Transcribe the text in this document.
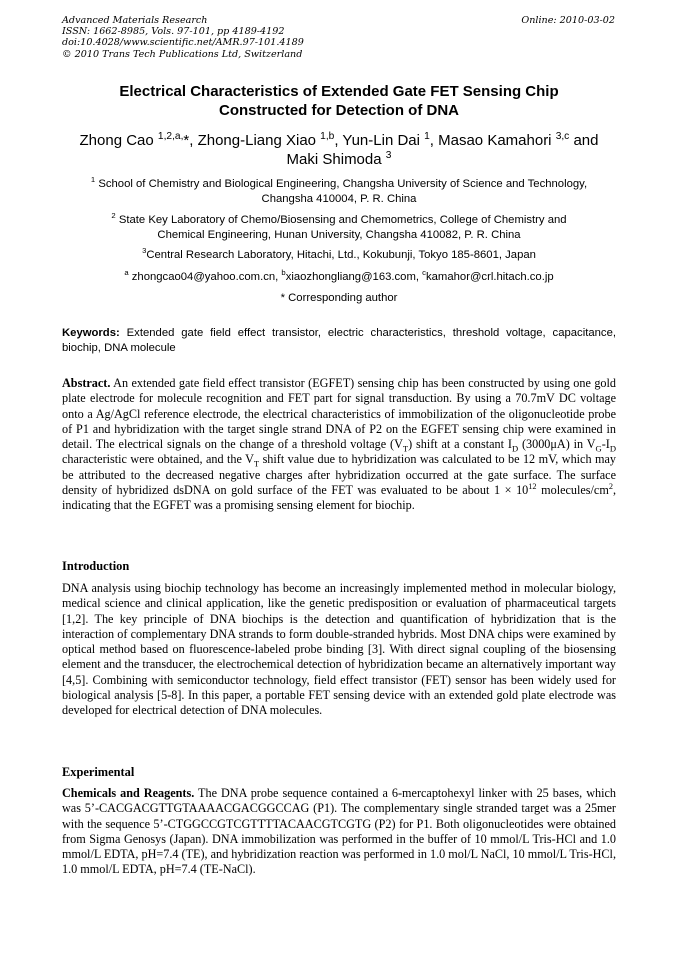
Advanced Materials Research
ISSN: 1662-8985, Vols. 97-101, pp 4189-4192
doi:10.4028/www.scientific.net/AMR.97-101.4189
© 2010 Trans Tech Publications Ltd, Switzerland
Online: 2010-03-02
Electrical Characteristics of Extended Gate FET Sensing Chip
Constructed for Detection of DNA
Zhong Cao $^{1,2,a,}$*, Zhong-Liang Xiao $^{1,b}$, Yun-Lin Dai $^1$, Masao Kamahori $^{3,c}$ and
Maki Shimoda $^3$
$^1$ School of Chemistry and Biological Engineering, Changsha University of Science and Technology,
Changsha 410004, P. R. China
$^2$ State Key Laboratory of Chemo/Biosensing and Chemometrics, College of Chemistry and
Chemical Engineering, Hunan University, Changsha 410082, P. R. China
$^3$Central Research Laboratory, Hitachi, Ltd., Kokubunji, Tokyo 185-8601, Japan
$^a$ zhongcao04@yahoo.com.cn, $^b$xiaozhongliang@163.com, $^c$kamahor@crl.hitach.co.jp
* Corresponding author
Keywords: Extended gate field effect transistor, electric characteristics, threshold voltage, capacitance, biochip, DNA molecule
Abstract. An extended gate field effect transistor (EGFET) sensing chip has been constructed by using one gold plate electrode for molecule recognition and FET part for signal transduction. By using a 70.7mV DC voltage onto a Ag/AgCl reference electrode, the electrical characteristics of immobilization of the oligonucleotide probe of P1 and hybridization with the target single strand DNA of P2 on the EGFET sensing chip were examined in detail. The electrical signals on the change of a threshold voltage $(V_T)$ shift at a constant $I_D$ (3000μA) in $V_G-I_D$ characteristic were obtained, and the $V_T$ shift value due to hybridization was calculated to be 12 mV, which may be attributed to the decreased negative charges after hybridization occurred at the gate surface. The surface density of hybridized dsDNA on gold surface of the FET was evaluated to be about $1 \times 10^{12}$ molecules/$cm^2$, indicating that the EGFET was a promising sensing element for biochip.
Introduction
DNA analysis using biochip technology has become an increasingly implemented method in molecular biology, medical science and clinical application, like the genetic predisposition or evaluation of pharmaceutical targets [1,2]. The key principle of DNA biochips is the detection and quantification of hybridization that is the interaction of complementary DNA strands to form double-stranded hybrids. Most DNA chips were examined by optical method based on fluorescence-labeled probe binding [3]. With direct signal coupling of the biosensing element and the transducer, the electrochemical detection of hybridization became an alternatively important way [4,5]. Combining with semiconductor technology, field effect transistor (FET) sensor has been widely used for biological analysis [5-8]. In this paper, a portable FET sensing device with an extended gold plate electrode was developed for electrical detection of DNA molecules.
Experimental
Chemicals and Reagents. The DNA probe sequence contained a 6-mercaptohexyl linker with 25 bases, which was 5’-CACGACGTTGTAAAACGACGGCCAG (P1). The complementary single stranded target was a 25mer with the sequence 5’-CTGGCCGTCGTTTTACAACGTCGTG (P2) for P1. Both oligonucleotides were obtained from Sigma Genosys (Japan). DNA immobilization was performed in the buffer of 10 mmol/L Tris-HCl and 1.0 mmol/L EDTA, pH=7.4 (TE), and hybridization reaction was performed in 1.0 mol/L NaCl, 10 mmol/L Tris-HCl, 1.0 mmol/L EDTA, pH=7.4 (TE-NaCl).
